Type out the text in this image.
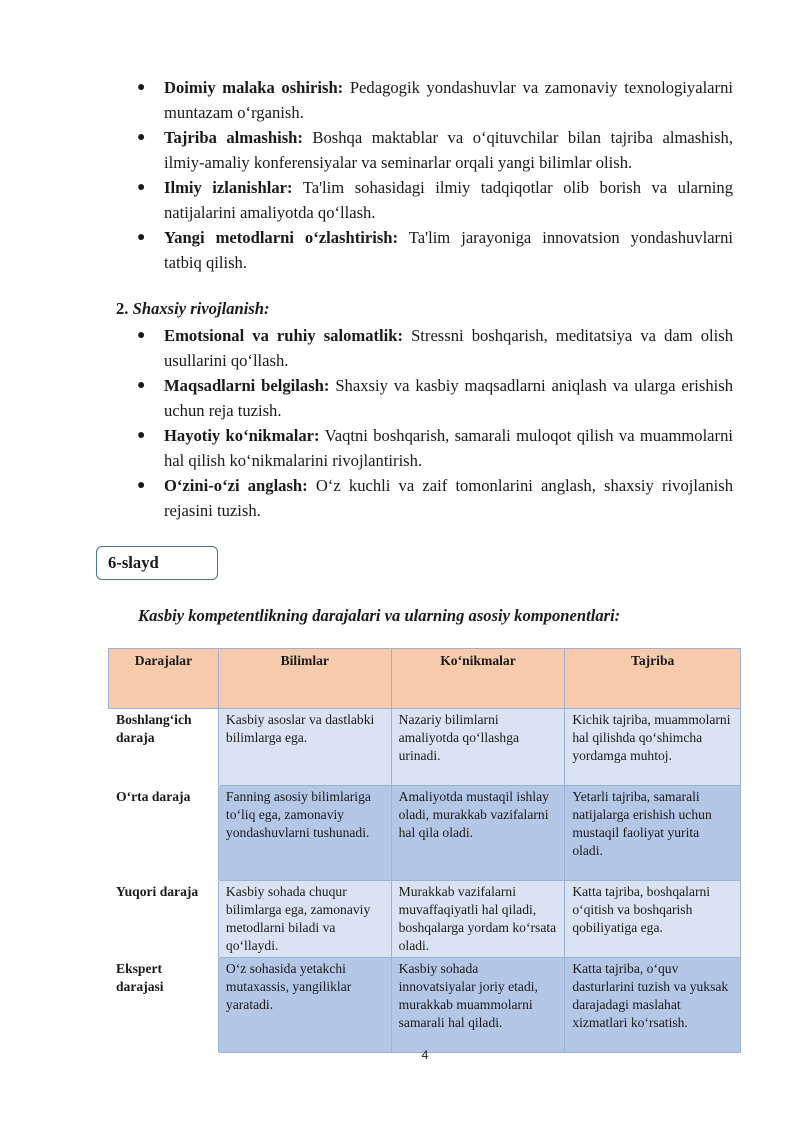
● Doimiy malaka oshirish: Pedagogik yondashuvlar va zamonaviy texnologiyalarni muntazam o‘rganish.
● Tajriba almashish: Boshqa maktablar va o‘qituvchilar bilan tajriba almashish, ilmiy-amaliy konferensiyalar va seminarlar orqali yangi bilimlar olish.
● Ilmiy izlanishlar: Ta'lim sohasidagi ilmiy tadqiqotlar olib borish va ularning natijalarini amaliyotda qo‘llash.
● Yangi metodlarni o‘zlashtirish: Ta'lim jarayoniga innovatsion yondashuvlarni tatbiq qilish.
2. Shaxsiy rivojlanish:
● Emotsional va ruhiy salomatlik: Stressni boshqarish, meditatsiya va dam olish usullarini qo‘llash.
● Maqsadlarni belgilash: Shaxsiy va kasbiy maqsadlarni aniqlash va ularga erishish uchun reja tuzish.
● Hayotiy ko‘nikmalar: Vaqtni boshqarish, samarali muloqot qilish va muammolarni hal qilish ko‘nikmalarini rivojlantirish.
● O‘zini-o‘zi anglash: O‘z kuchli va zaif tomonlarini anglash, shaxsiy rivojlanish rejasini tuzish.
6-slayd
Kasbiy kompetentlikning darajalari va ularning asosiy komponentlari:
Darajalar	Bilimlar	Ko‘nikmalar	Tajriba
Boshlang‘ich daraja	Kasbiy asoslar va dastlabki bilimlarga ega.	Nazariy bilimlarni amaliyotda qo‘llashga urinadi.	Kichik tajriba, muammolarni hal qilishda qo‘shimcha yordamga muhtoj.
O‘rta daraja	Fanning asosiy bilimlariga to‘liq ega, zamonaviy yondashuvlarni tushunadi.	Amaliyotda mustaqil ishlay oladi, murakkab vazifalarni hal qila oladi.	Yetarli tajriba, samarali natijalarga erishish uchun mustaqil faoliyat yurita oladi.
Yuqori daraja	Kasbiy sohada chuqur bilimlarga ega, zamonaviy metodlarni biladi va qo‘llaydi.	Murakkab vazifalarni muvaffaqiyatli hal qiladi, boshqalarga yordam ko‘rsata oladi.	Katta tajriba, boshqalarni o‘qitish va boshqarish qobiliyatiga ega.
Ekspert darajasi	O‘z sohasida yetakchi mutaxassis, yangiliklar yaratadi.	Kasbiy sohada innovatsiyalar joriy etadi, murakkab muammolarni samarali hal qiladi.	Katta tajriba, o‘quv dasturlarini tuzish va yuksak darajadagi maslahat xizmatlari ko‘rsatish.
4
